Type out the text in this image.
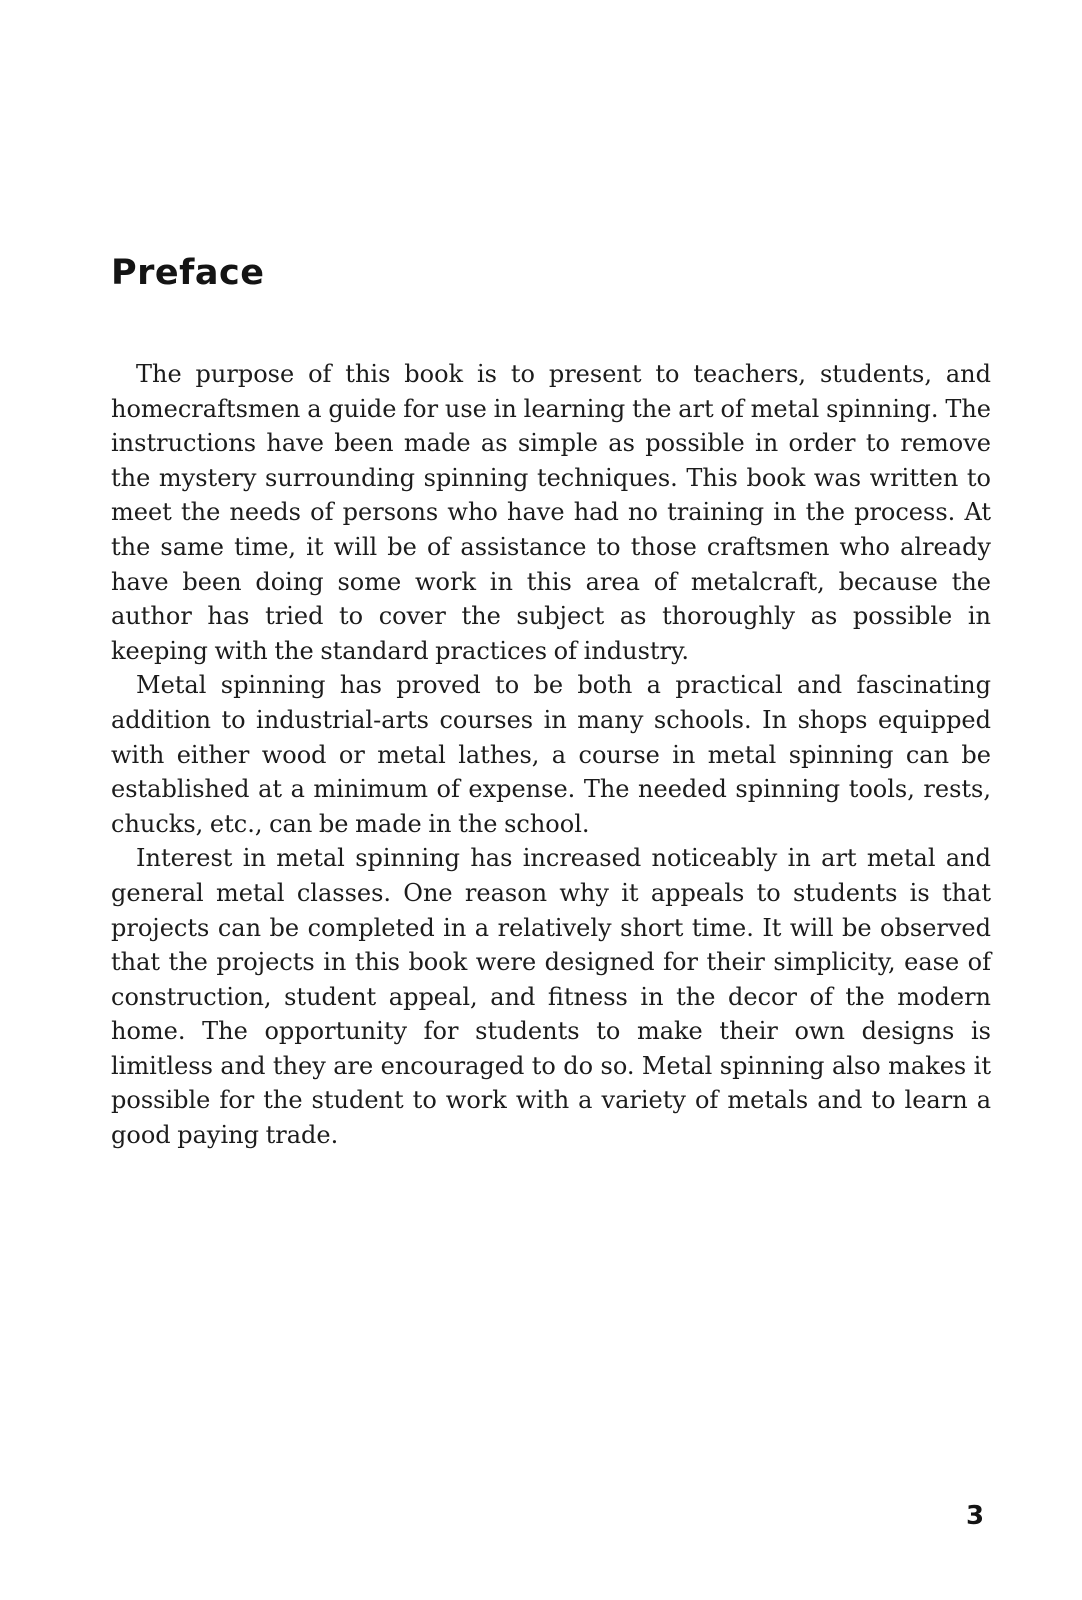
Preface

The purpose of this book is to present to teachers, students, and homecraftsmen a guide for use in learning the art of metal spinning. The instructions have been made as simple as possible in order to remove the mystery surrounding spinning techniques. This book was written to meet the needs of persons who have had no training in the process. At the same time, it will be of assistance to those craftsmen who already have been doing some work in this area of metalcraft, because the author has tried to cover the subject as thoroughly as possible in keeping with the standard practices of industry.

Metal spinning has proved to be both a practical and fascinating addition to industrial-arts courses in many schools. In shops equipped with either wood or metal lathes, a course in metal spinning can be established at a minimum of expense. The needed spinning tools, rests, chucks, etc., can be made in the school.

Interest in metal spinning has increased noticeably in art metal and general metal classes. One reason why it appeals to students is that projects can be completed in a relatively short time. It will be observed that the projects in this book were designed for their simplicity, ease of construction, student appeal, and fitness in the decor of the modern home. The opportunity for students to make their own designs is limitless and they are encouraged to do so. Metal spinning also makes it possible for the student to work with a variety of metals and to learn a good paying trade.

3
